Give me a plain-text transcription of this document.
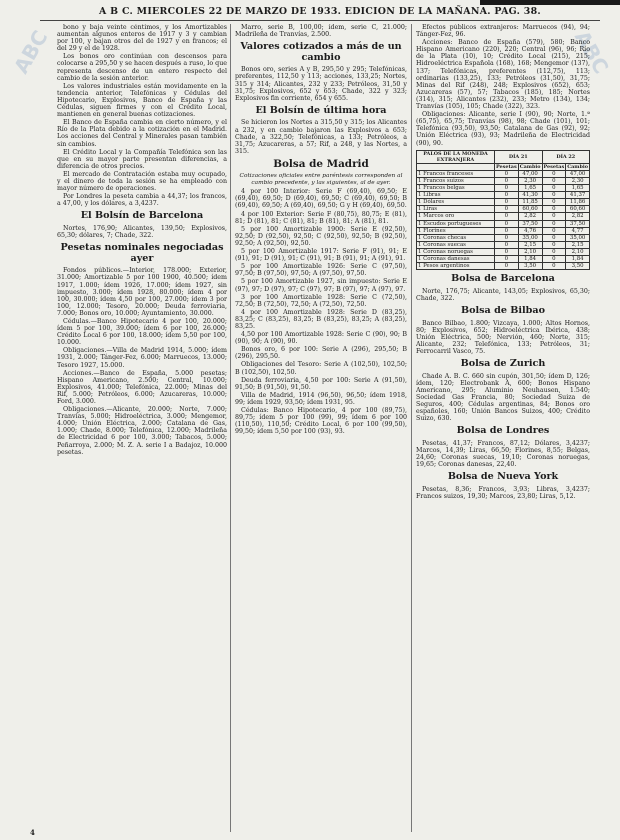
A B C. MIERCOLES 22 DE MARZO DE 1933. EDICION DE LA MAÑANA. PAG. 38.
ABC	ABC

bono y baja veinte céntimos, y los Amortizables aumentan algunos enteros de 1917 y 3 y cambian por 100, y bajan otros del de 1927 y en francos; el del 29 y el de 1928.

Los bonos oro continúan con descensos para colocarse a 295,50 y se hacen después a ruso, lo que representa descenso de un entero respecto del cambio de la sesión anterior.

Los valores industriales están movidamente en la tendencia anterior, Telefónicas y Cédulas del Hipotecario, Explosivos, Banco de España y las Cédulas, siguen firmes y con el Crédito Local, mantienen en general buenas cotizaciones.

El Banco de España cambia en cierto número, y el Río de la Plata debido a la cotización en el Madrid. Los acciones del Central y Minerales pasan también sin cambios.

El Crédito Local y la Compañía Telefónica son las que en su mayor parte presentan diferencias, a diferencia de otros precios.

El mercado de Contratación estaba muy ocupado, y el dinero de toda la sesión se ha empleado con mayor número de operaciones.

Por Londres la peseta cambia a 44,37; los francos, a 47,00, y los dólares, a 3,4237.

El Bolsín de Barcelona

Nortes, 176,90; Alicantes, 139,50; Explosivos, 65,30; dólares, 7; Chade, 322.

Pesetas nominales negociadas ayer

Fondos públicos.—Interior, 178.000; Exterior, 31.000; Amortizable 5 por 100 1900, 40.500; ídem 1917, 1.000; ídem 1926, 17.000; ídem 1927, sin impuesto, 3.000; ídem 1928, 80.000; ídem 4 por 100, 30.000; ídem 4,50 por 100, 27.000; ídem 3 por 100, 12.000; Tesoro, 20.000; Deuda ferroviaria, 7.000; Bonos oro, 10.000; Ayuntamiento, 30.000.

Cédulas.—Banco Hipotecario 4 por 100, 20.000; ídem 5 por 100, 39.000; ídem 6 por 100, 26.000; Crédito Local 6 por 100, 18.000; ídem 5,50 por 100, 10.000.

Obligaciones.—Villa de Madrid 1914, 5.000; ídem 1931, 2.000; Tánger-Fez, 6.000; Marruecos, 13.000; Tesoro 1927, 15.000.

Acciones.—Banco de España, 5.000 pesetas; Hispano Americano, 2.500; Central, 10.000; Explosivos, 41.000; Telefónica, 22.000; Minas del Rif, 5.000; Petróleos, 6.000; Azucareras, 10.000; Ford, 3.000.

Obligaciones.—Alicante, 20.000; Norte, 7.000; Tranvías, 5.000; Hidroeléctrica, 3.000; Mengemor, 4.000; Unión Eléctrica, 2.000; Catalana de Gas, 1.000; Chade, 8.000; Telefónica, 12.000; Madrileña de Electricidad 6 por 100, 3.000; Tabacos, 5.000; Peñarroya, 2.000; M. Z. A. serie I a Badajoz, 10.000 pesetas.

Marro, serie B, 100,00; ídem, serie C, 21.000; Madrileña de Tranvías, 2.500.

Valores cotizados a más de un cambio

Bonos oro, series A y B, 295,50 y 295; Telefónicas, preferentes, 112,50 y 113; acciones, 133,25; Nortes, 315 y 314; Alicantes, 232 y 233; Petróleos, 31,50 y 31,75; Explosivos, 652 y 653; Chade, 322 y 323; Explosivos fin corriente, 654 y 655.

El Bolsín de última hora

Se hicieron los Nortes a 315,50 y 315; los Alicantes a 232, y en cambio bajaron las Explosivos a 653; Chade, a 322,50; Telefónicas, a 133; Petróleos, a 31,75; Azucareras, a 57; Rif, a 248, y las Nortes, a 315.

Bolsa de Madrid
Cotizaciones oficiales entre paréntesis corresponden al cambio precedente, y las siguientes, al de ayer.

4 por 100 Interior: Serie F (69,40), 69,50; E (69,40), 69,50; D (69,40), 69,50; C (69,40), 69,50; B (69,40), 69,50; A (69,40), 69,50; G y H (69,40), 69,50.

4 por 100 Exterior: Serie F (80,75), 80,75; E (81), 81; D (81), 81; C (81), 81; B (81), 81; A (81), 81.

5 por 100 Amortizable 1900: Serie E (92,50), 92,50; D (92,50), 92,50; C (92,50), 92,50; B (92,50), 92,50; A (92,50), 92,50.

5 por 100 Amortizable 1917: Serie F (91), 91; E (91), 91; D (91), 91; C (91), 91; B (91), 91; A (91), 91.

5 por 100 Amortizable 1926: Serie C (97,50), 97,50; B (97,50), 97,50; A (97,50), 97,50.

5 por 100 Amortizable 1927, sin impuesto: Serie E (97), 97; D (97), 97; C (97), 97; B (97), 97; A (97), 97.

3 por 100 Amortizable 1928: Serie C (72,50), 72,50; B (72,50), 72,50; A (72,50), 72,50.

4 por 100 Amortizable 1928: Serie D (83,25), 83,25; C (83,25), 83,25; B (83,25), 83,25; A (83,25), 83,25.

4,50 por 100 Amortizable 1928: Serie C (90), 90; B (90), 90; A (90), 90.

Bonos oro, 6 por 100: Serie A (296), 295,50; B (296), 295,50.

Obligaciones del Tesoro: Serie A (102,50), 102,50; B (102,50), 102,50.

Deuda ferroviaria, 4,50 por 100: Serie A (91,50), 91,50; B (91,50), 91,50.

Villa de Madrid, 1914 (96,50), 96,50; ídem 1918, 99; ídem 1929, 93,50; ídem 1931, 95.

Cédulas: Banco Hipotecario, 4 por 100 (89,75), 89,75; ídem 5 por 100 (99), 99; ídem 6 por 100 (110,50), 110,50; Crédito Local, 6 por 100 (99,50), 99,50; ídem 5,50 por 100 (93), 93.

Efectos públicos extranjeros: Marruecos (94), 94; Tánger-Fez, 96.

Acciones: Banco de España (579), 580; Banco Hispano Americano (220), 220; Central (96), 96; Río de la Plata (10), 10; Crédito Local (215), 215; Hidroeléctrica Española (168), 168; Mengemor (137), 137; Telefónicas, preferentes (112,75), 113; ordinarias (133,25), 133; Petróleos (31,50), 31,75; Minas del Rif (248), 248; Explosivos (652), 653; Azucareras (57), 57; Tabacos (185), 185; Nortes (314), 315; Alicantes (232), 233; Metro (134), 134; Tranvías (105), 105; Chade (322), 323.

Obligaciones: Alicante, serie I (90), 90; Norte, 1.ª (65,75), 65,75; Tranvías (98), 98; Chade (101), 101; Telefónica (93,50), 93,50; Catalana de Gas (92), 92; Unión Eléctrica (93), 93; Madrileña de Electricidad (90), 90.

PALOS DE LA MONEDA EXTRANJERA	DÍA 21		DÍA 22	
	Pesetas	Cambio	Pesetas	Cambio
1 Francos franceses	0	47,00	0	47,00
1 Francos suizos	0	2,30	0	2,30
1 Francos belgas	0	1,65	0	1,65
1 Libras	0	41,30	0	41,37
1 Dólares	0	11,85	0	11,86
1 Liras	0	60,60	0	60,60
1 Marcos oro	0	2,82	0	2,82
1 Escudos portugueses	0	37,50	0	37,50
1 Florines	0	4,76	0	4,77
1 Coronas checas	0	35,00	0	35,00
1 Coronas suecas	0	2,15	0	2,15
1 Coronas noruegas	0	2,10	0	2,10
1 Coronas danesas	0	1,84	0	1,84
1 Pesos argentinos	0	3,50	0	3,50
Bolsa de Barcelona

Norte, 176,75; Alicante, 143,05; Explosivos, 65,30; Chade, 322.

Bolsa de Bilbao

Banco Bilbao, 1.800; Vizcaya, 1.000; Altos Hornos, 80; Explosivos, 652; Hidroeléctrica Ibérica, 438; Unión Eléctrica, 500; Nervión, 460; Norte, 315; Alicante, 232; Telefónica, 133; Petróleos, 31; Ferrocarril Vasco, 75.

Bolsa de Zurich

Chade A. B. C. 660 sin cupón, 301,50; ídem D, 126; ídem, 120; Electrobank A, 600; Bonos Hispano Americano, 295; Aluminio Neuhausen, 1.540; Sociedad Gas Francia, 80; Sociedad Suiza de Seguros, 400; Cédulas argentinas, 84; Bonos oro españoles, 160; Unión Bancos Suizos, 400; Crédito Suizo, 630.

Bolsa de Londres

Pesetas, 41,37; Francos, 87,12; Dólares, 3,4237; Marcos, 14,39; Liras, 66,50; Florines, 8,55; Belgas, 24,60; Coronas suecas, 19,10; Coronas noruegas, 19,65; Coronas danesas, 22,40.

Bolsa de Nueva York

Pesetas, 8,36; Francos, 3,93; Libras, 3,4237; Francos suizos, 19,30; Marcos, 23,80; Liras, 5,12.

4
